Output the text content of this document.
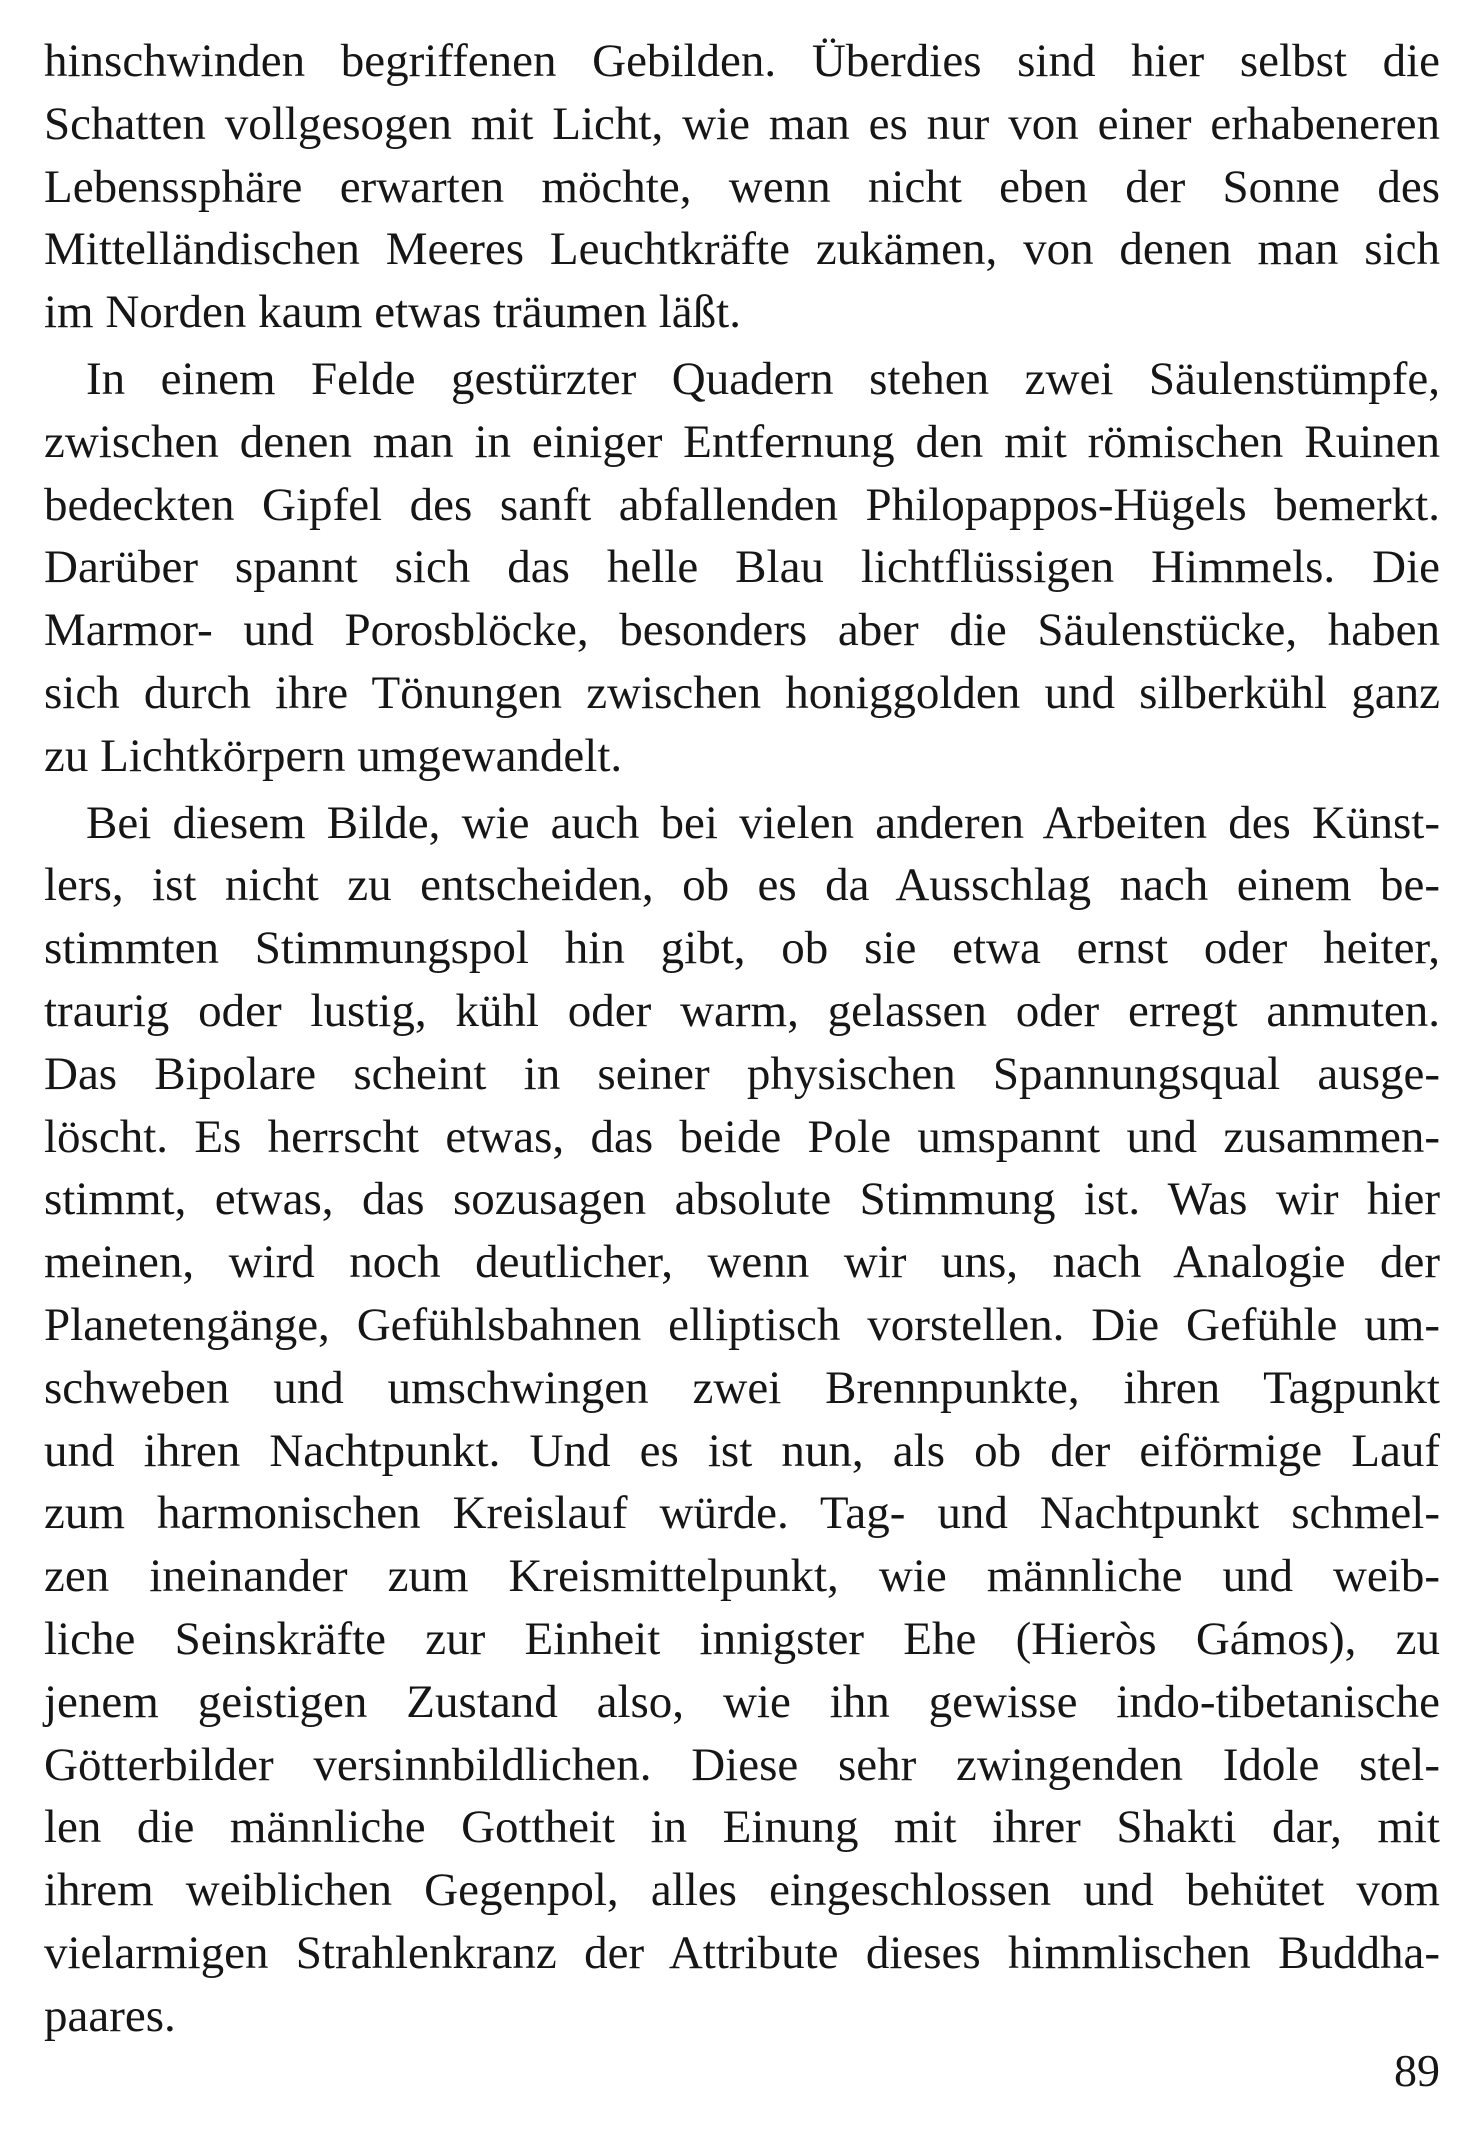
hinschwinden begriffenen Gebilden. Überdies sind hier selbst die
Schatten vollgesogen mit Licht, wie man es nur von einer erhabeneren
Lebenssphäre erwarten möchte, wenn nicht eben der Sonne des
Mittelländischen Meeres Leuchtkräfte zukämen, von denen man sich
im Norden kaum etwas träumen läßt.

In einem Felde gestürzter Quadern stehen zwei Säulenstümpfe,
zwischen denen man in einiger Entfernung den mit römischen Ruinen
bedeckten Gipfel des sanft abfallenden Philopappos-Hügels bemerkt.
Darüber spannt sich das helle Blau lichtflüssigen Himmels. Die
Marmor- und Porosblöcke, besonders aber die Säulenstücke, haben
sich durch ihre Tönungen zwischen honiggolden und silberkühl ganz
zu Lichtkörpern umgewandelt.

Bei diesem Bilde, wie auch bei vielen anderen Arbeiten des Künst-
lers, ist nicht zu entscheiden, ob es da Ausschlag nach einem be-
stimmten Stimmungspol hin gibt, ob sie etwa ernst oder heiter,
traurig oder lustig, kühl oder warm, gelassen oder erregt anmuten.
Das Bipolare scheint in seiner physischen Spannungsqual ausge-
löscht. Es herrscht etwas, das beide Pole umspannt und zusammen-
stimmt, etwas, das sozusagen absolute Stimmung ist. Was wir hier
meinen, wird noch deutlicher, wenn wir uns, nach Analogie der
Planetengänge, Gefühlsbahnen elliptisch vorstellen. Die Gefühle um-
schweben und umschwingen zwei Brennpunkte, ihren Tagpunkt
und ihren Nachtpunkt. Und es ist nun, als ob der eiförmige Lauf
zum harmonischen Kreislauf würde. Tag- und Nachtpunkt schmel-
zen ineinander zum Kreismittelpunkt, wie männliche und weib-
liche Seinskräfte zur Einheit innigster Ehe (Hieròs Gámos), zu
jenem geistigen Zustand also, wie ihn gewisse indo-tibetanische
Götterbilder versinnbildlichen. Diese sehr zwingenden Idole stel-
len die männliche Gottheit in Einung mit ihrer Shakti dar, mit
ihrem weiblichen Gegenpol, alles eingeschlossen und behütet vom
vielarmigen Strahlenkranz der Attribute dieses himmlischen Buddha-
paares.

89
